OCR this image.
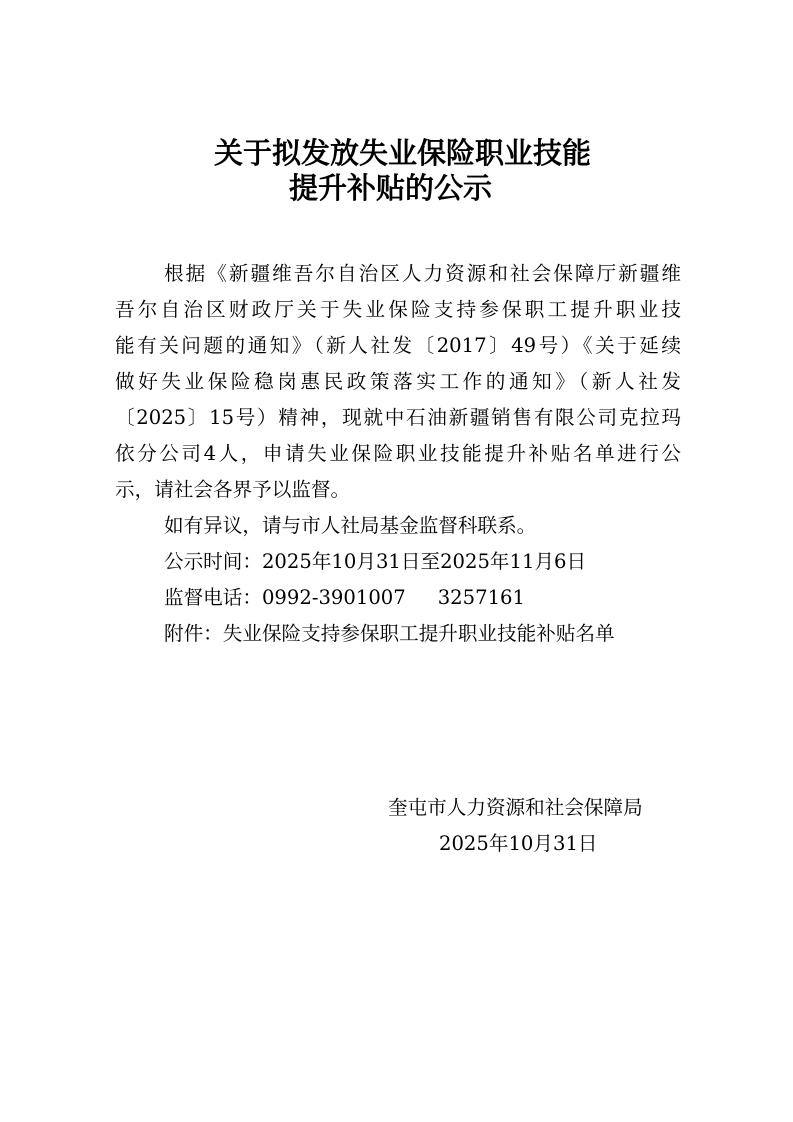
关于拟发放失业保险职业技能
提升补贴的公示
根据《新疆维吾尔自治区人力资源和社会保障厅新疆维
吾尔自治区财政厅关于失业保险支持参保职工提升职业技
能有关问题的通知》（新人社发〔2017〕49号）《关于延续
做好失业保险稳岗惠民政策落实工作的通知》（新人社发
〔2025〕15号）精神，现就中石油新疆销售有限公司克拉玛
依分公司4人，申请失业保险职业技能提升补贴名单进行公
示，请社会各界予以监督。
如有异议，请与市人社局基金监督科联系。
公示时间：2025年10月31日至2025年11月6日
监督电话：0992-3901007 3257161
附件：失业保险支持参保职工提升职业技能补贴名单
奎屯市人力资源和社会保障局
2025年10月31日
